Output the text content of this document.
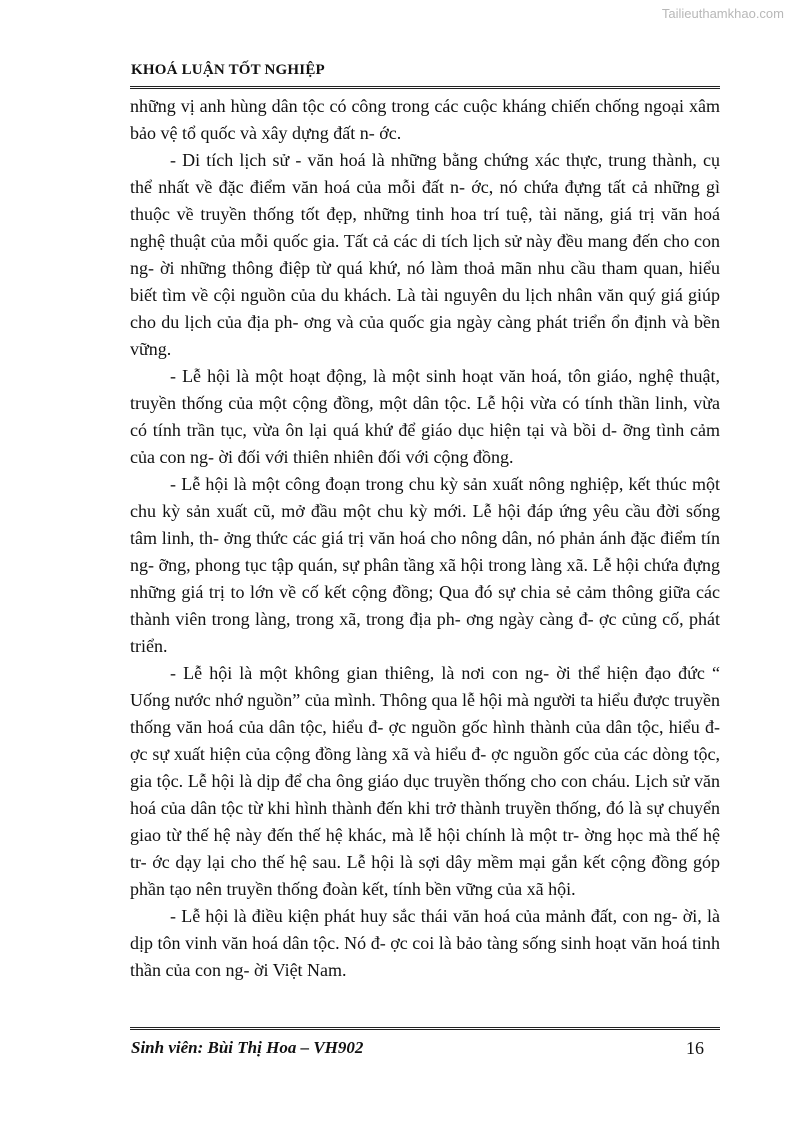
Tailieuthamkhao.com
KHOÁ LUẬN TỐT NGHIỆP

những vị anh hùng dân tộc có công trong các cuộc kháng chiến chống ngoại xâm bảo vệ tổ quốc và xây dựng đất n- ớc.

- Di tích lịch sử - văn hoá là những bằng chứng xác thực, trung thành, cụ thể nhất về đặc điểm văn hoá của mỗi đất n- ớc, nó chứa đựng tất cả những gì thuộc về truyền thống tốt đẹp, những tinh hoa trí tuệ, tài năng, giá trị văn hoá nghệ thuật của mỗi quốc gia. Tất cả các di tích lịch sử này đều mang đến cho con ng- ời những thông điệp từ quá khứ, nó làm thoả mãn nhu cầu tham quan, hiểu biết tìm về cội nguồn của du khách. Là tài nguyên du lịch nhân văn quý giá giúp cho du lịch của địa ph- ơng và của quốc gia ngày càng phát triển ổn định và bền vững.

- Lễ hội là một hoạt động, là một sinh hoạt văn hoá, tôn giáo, nghệ thuật, truyền thống của một cộng đồng, một dân tộc. Lễ hội vừa có tính thần linh, vừa có tính trần tục, vừa ôn lại quá khứ để giáo dục hiện tại và bồi d- ỡng tình cảm của con ng- ời đối với thiên nhiên đối với cộng đồng.

- Lễ hội là một công đoạn trong chu kỳ sản xuất nông nghiệp, kết thúc một chu kỳ sản xuất cũ, mở đầu một chu kỳ mới. Lễ hội đáp ứng yêu cầu đời sống tâm linh, th- ởng thức các giá trị văn hoá cho nông dân, nó phản ánh đặc điểm tín ng- ỡng, phong tục tập quán, sự phân tầng xã hội trong làng xã. Lễ hội chứa đựng những giá trị to lớn về cố kết cộng đồng; Qua đó sự chia sẻ cảm thông giữa các thành viên trong làng, trong xã, trong địa ph- ơng ngày càng đ- ợc củng cố, phát triển.

- Lễ hội là một không gian thiêng, là nơi con ng- ời thể hiện đạo đức “ Uống nước nhớ nguồn” của mình. Thông qua lễ hội mà người ta hiểu được truyền thống văn hoá của dân tộc, hiểu đ- ợc nguồn gốc hình thành của dân tộc, hiểu đ- ợc sự xuất hiện của cộng đồng làng xã và hiểu đ- ợc nguồn gốc của các dòng tộc, gia tộc. Lễ hội là dịp để cha ông giáo dục truyền thống cho con cháu. Lịch sử văn hoá của dân tộc từ khi hình thành đến khi trở thành truyền thống, đó là sự chuyển giao từ thế hệ này đến thế hệ khác, mà lễ hội chính là một tr- ờng học mà thế hệ tr- ớc dạy lại cho thế hệ sau. Lễ hội là sợi dây mềm mại gắn kết cộng đồng góp phần tạo nên truyền thống đoàn kết, tính bền vững của xã hội.

- Lễ hội là điều kiện phát huy sắc thái văn hoá của mảnh đất, con ng- ời, là dịp tôn vinh văn hoá dân tộc. Nó đ- ợc coi là bảo tàng sống sinh hoạt văn hoá tinh thần của con ng- ời Việt Nam.

Sinh viên: Bùi Thị Hoa – VH902	16
